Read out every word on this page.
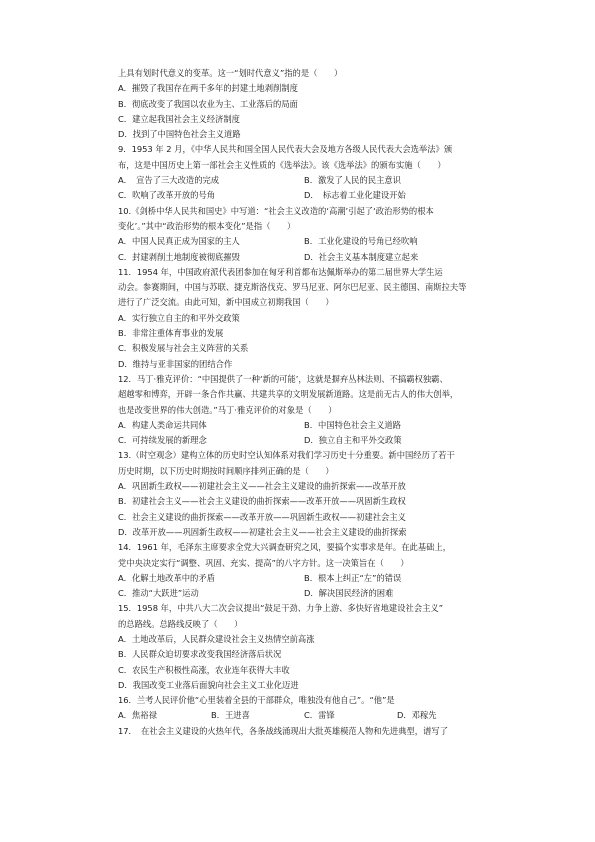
上具有划时代意义的变革。这一“划时代意义”指的是（　　）
A．摧毁了我国存在两千多年的封建土地剥削制度
B．彻底改变了我国以农业为主、工业落后的局面
C．建立起我国社会主义经济制度
D．找到了中国特色社会主义道路
9．1953 年 2 月，《中华人民共和国全国人民代表大会及地方各级人民代表大会选举法》颁
布，这是中国历史上第一部社会主义性质的《选举法》。该《选举法》的颁布实施（　　）
A．　宣告了三大改造的完成	B．激发了人民的民主意识
C．吹响了改革开放的号角	D．　标志着工业化建设开始
10.《剑桥中华人民共和国史》中写道：“社会主义改造的‘高潮’引起了‘政治形势的根本
变化’。”其中“政治形势的根本变化”是指（　　）
A．中国人民真正成为国家的主人	B．工业化建设的号角已经吹响
C．封建剥削土地制度被彻底摧毁	D．社会主义基本制度建立起来
11．1954 年，中国政府派代表团参加在匈牙利首都布达佩斯举办的第二届世界大学生运
动会。参赛期间，中国与苏联、捷克斯洛伐克、罗马尼亚、阿尔巴尼亚、民主德国、南斯拉夫等
进行了广泛交流。由此可知，新中国成立初期我国（　　）
A．实行独立自主的和平外交政策
B．非常注重体育事业的发展
C．积极发展与社会主义阵营的关系
D．维持与亚非国家的团结合作
12．马丁·雅克评价：“中国提供了一种‘新的可能’，这就是摒弃丛林法则、不搞霸权独霸、
超越零和博弈，开辟一条合作共赢、共建共享的文明发展新道路。这是前无古人的伟大创举，
也是改变世界的伟大创造。”马丁·雅克评价的对象是（　　）
A．构建人类命运共同体	B．中国特色社会主义道路
C．可持续发展的新理念	D．独立自主和平外交政策
13.（时空观念）建构立体的历史时空认知体系对我们学习历史十分重要。新中国经历了若干
历史时期，以下历史时期按时间顺序排列正确的是（　　）
A．巩固新生政权——初建社会主义——社会主义建设的曲折探索——改革开放
B．初建社会主义——社会主义建设的曲折探索——改革开放——巩固新生政权
C．社会主义建设的曲折探索——改革开放——巩固新生政权——初建社会主义
D．改革开放——巩固新生政权——初建社会主义——社会主义建设的曲折探索
14．1961 年，毛泽东主席要求全党大兴调查研究之风，要搞个实事求是年。在此基础上，
党中央决定实行“调整、巩固、充实、提高”的八字方针。这一决策旨在（　　）
A．化解土地改革中的矛盾	B．根本上纠正“左”的错误
C．推动“大跃进”运动	D．解决国民经济的困难
15．1958 年，中共八大二次会议提出“鼓足干劲、力争上游、多快好省地建设社会主义”
的总路线。总路线反映了（　　）
A．土地改革后，人民群众建设社会主义热情空前高涨
B．人民群众迫切要求改变我国经济落后状况
C．农民生产积极性高涨，农业连年获得大丰收
D．我国改变工业落后面貌向社会主义工业化迈进
16．兰考人民评价他“心里装着全县的干部群众，唯独没有他自己”。“他”是
A．焦裕禄	B．王进喜	C．雷锋	D．邓稼先
17．　在社会主义建设的火热年代，各条战线涌现出大批英雄模范人物和先进典型，谱写了
